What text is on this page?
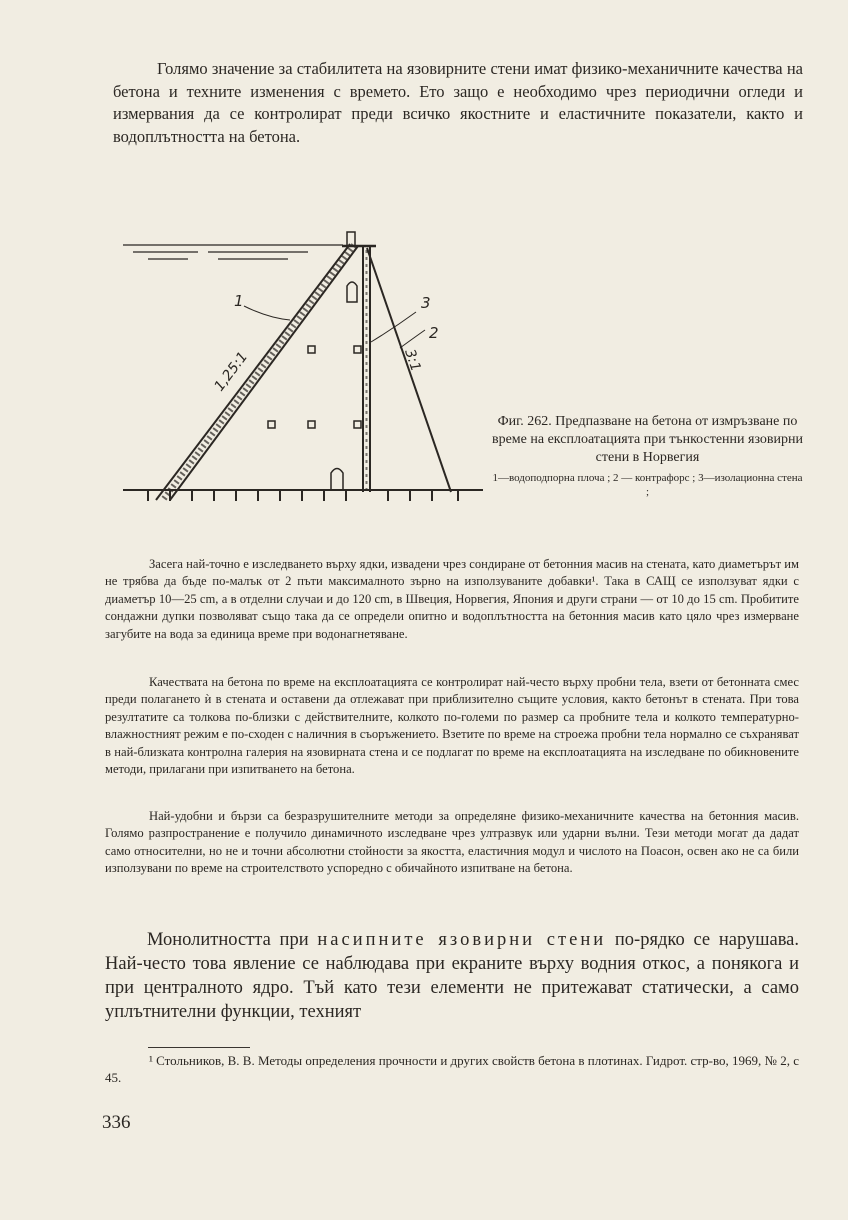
Голямо значение за стабилитета на язовирните стени имат физико-механичните качества на бетона и техните изменения с времето. Ето защо е необходимо чрез периодични огледи и измервания да се контролират преди всичко якостните и еластичните показатели, както и водоплътността на бетона.

1	3
2
1,25:1	3:1

Фиг. 262. Предпазване на бетона от измръзване по време на експлоатацията при тънкостенни язовирни стени в Норвегия

1—водоподпорна плоча ; 2 — контрафорс ; 3—изолационна стена ;

Засега най-точно е изследването върху ядки, извадени чрез сондиране от бетонния масив на стената, като диаметърът им не трябва да бъде по-малък от 2 пъти максималното зърно на използуваните добавки¹. Така в САЩ се използуват ядки с диаметър 10—25 cm, а в отделни случаи и до 120 cm, в Швеция, Норвегия, Япония и други страни — от 10 до 15 cm. Пробитите сондажни дупки позволяват също така да се определи опитно и водоплътността на бетонния масив като цяло чрез измерване загубите на вода за единица време при водонагнетяване.

Качествата на бетона по време на експлоатацията се контролират най-често върху пробни тела, взети от бетонната смес преди полагането ѝ в стената и оставени да отлежават при приблизително същите условия, както бетонът в стената. При това резултатите са толкова по-близки с действителните, колкото по-големи по размер са пробните тела и колкото температурно-влажностният режим е по-сходен с наличния в съоръжението. Взетите по време на строежа пробни тела нормално се съхраняват в най-близката контролна галерия на язовирната стена и се подлагат по време на експлоатацията на изследване по обикновените методи, прилагани при изпитването на бетона.

Най-удобни и бързи са безразрушителните методи за определяне физико-механичните качества на бетонния масив. Голямо разпространение е получило динамичното изследване чрез ултразвук или ударни вълни. Тези методи могат да дадат само относителни, но не и точни абсолютни стойности за якостта, еластичния модул и числото на Поасон, освен ако не са били използувани по време на строителството успоредно с обичайното изпитване на бетона.

Монолитността при насипните язовирни стени по-рядко се нарушава. Най-често това явление се наблюдава при екраните върху водния откос, а понякога и при централното ядро. Тъй като тези елементи не притежават статически, а само уплътнителни функции, техният

¹ Стольников, В. В. Методы определения прочности и других свойств бетона в плотинах. Гидрот. стр-во, 1969, № 2, с 45.

336
